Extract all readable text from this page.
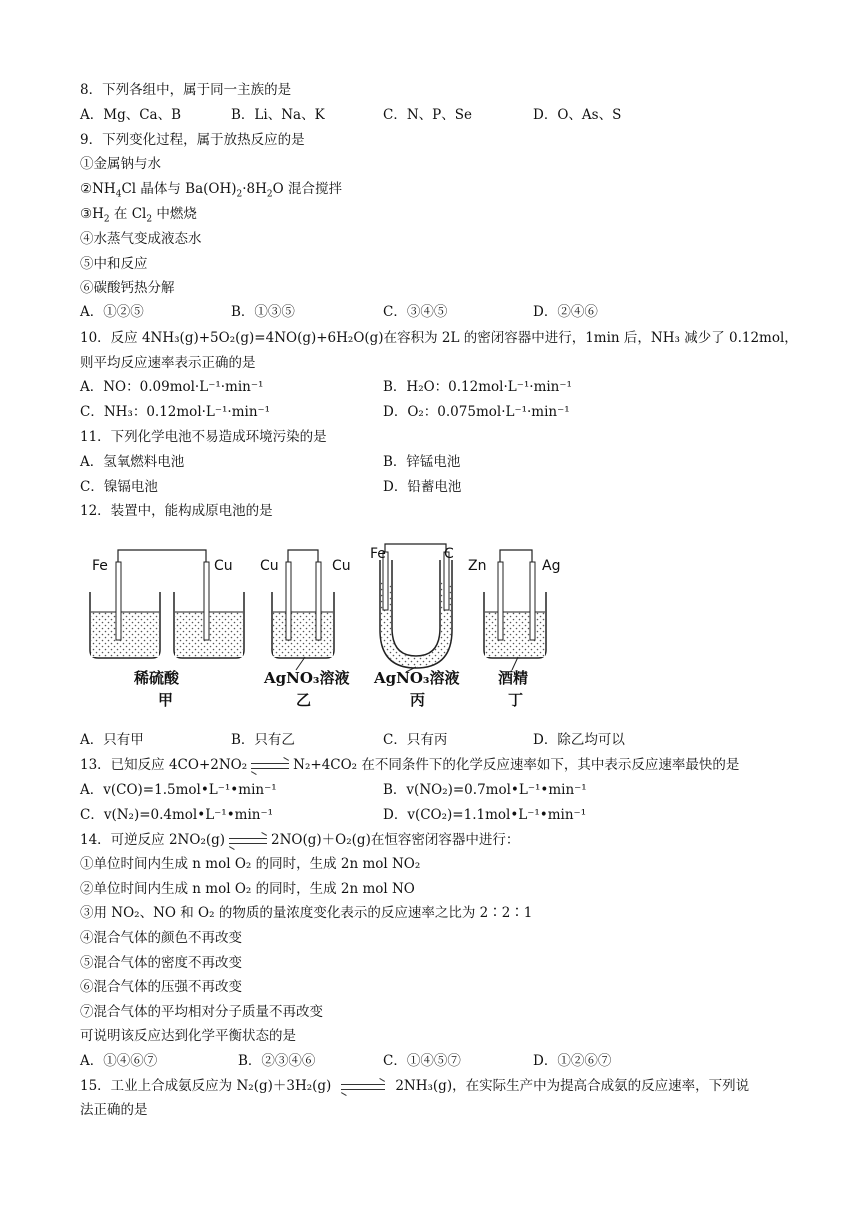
8．下列各组中，属于同一主族的是
A．Mg、Ca、B	B．Li、Na、K	C．N、P、Se	D．O、As、S
9．下列变化过程，属于放热反应的是
①金属钠与水
$②NH_4Cl$ 晶体与 $Ba(OH)_2\cdot 8H_2O$ 混合搅拌
$③H_2$ 在 $Cl_2$ 中燃烧
④水蒸气变成液态水
⑤中和反应
⑥碳酸钙热分解
A．①②⑤	B．①③⑤	C．③④⑤	D．②④⑥
10．反应 4NH₃(g)+5O₂(g)=4NO(g)+6H₂O(g)在容积为 2L 的密闭容器中进行，1min 后，NH₃ 减少了 0.12mol，
则平均反应速率表示正确的是
A．NO：0.09mol·L⁻¹·min⁻¹	B．H₂O：0.12mol·L⁻¹·min⁻¹
C．NH₃：0.12mol·L⁻¹·min⁻¹	D．O₂：0.075mol·L⁻¹·min⁻¹
11．下列化学电池不易造成环境污染的是
A．氢氧燃料电池	B．锌锰电池
C．镍镉电池	D．铅蓄电池
12．装置中，能构成原电池的是
Fe	Cu
稀硫酸
甲
Cu	Cu
AgNO₃溶液
乙
Fe	C
AgNO₃溶液
丙
Zn	Ag
酒精
丁
A．只有甲	B．只有乙	C．只有丙	D．除乙均可以
13．已知反应 4CO+2NO₂ → N₂+4CO₂ 在不同条件下的化学反应速率如下，其中表示反应速率最快的是
A．v(CO)=1.5mol•L⁻¹•min⁻¹	B．v(NO₂)=0.7mol•L⁻¹•min⁻¹
C．v(N₂)=0.4mol•L⁻¹•min⁻¹	D．v(CO₂)=1.1mol•L⁻¹•min⁻¹
14．可逆反应 2NO₂(g) → 2NO(g)＋O₂(g)在恒容密闭容器中进行：
①单位时间内生成 n mol O₂ 的同时，生成 2n mol NO₂
②单位时间内生成 n mol O₂ 的同时，生成 2n mol NO
③用 NO₂、NO 和 O₂ 的物质的量浓度变化表示的反应速率之比为 2∶2∶1
④混合气体的颜色不再改变
⑤混合气体的密度不再改变
⑥混合气体的压强不再改变
⑦混合气体的平均相对分子质量不再改变
可说明该反应达到化学平衡状态的是
A．①④⑥⑦	B．②③④⑥	C．①④⑤⑦	D．①②⑥⑦
15．工业上合成氨反应为 N₂(g)＋3H₂(g) → 2NH₃(g)，在实际生产中为提高合成氨的反应速率，下列说
法正确的是
